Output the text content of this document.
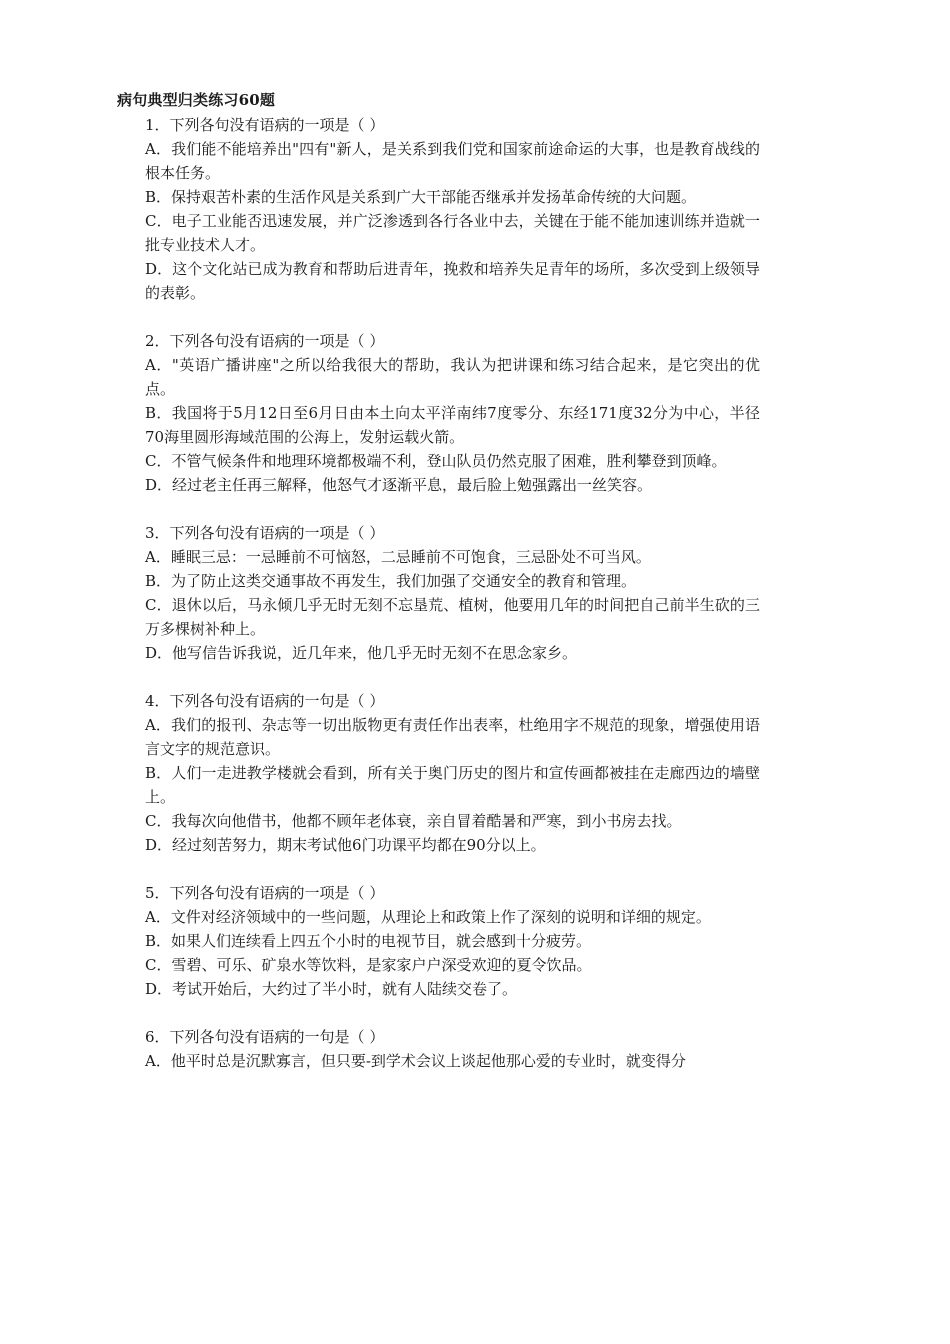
病句典型归类练习60题

1．下列各句没有语病的一项是（ ）

A．我们能不能培养出"四有"新人，是关系到我们党和国家前途命运的大事，也是教育战线的根本任务。

B．保持艰苦朴素的生活作风是关系到广大干部能否继承并发扬革命传统的大问题。

C．电子工业能否迅速发展，并广泛渗透到各行各业中去，关键在于能不能加速训练并造就一批专业技术人才。

D．这个文化站已成为教育和帮助后进青年，挽救和培养失足青年的场所，多次受到上级领导的表彰。

2．下列各句没有语病的一项是（ ）

A．"英语广播讲座"之所以给我很大的帮助，我认为把讲课和练习结合起来，是它突出的优点。

B．我国将于5月12日至6月日由本土向太平洋南纬7度零分、东经171度32分为中心，半径70海里圆形海域范围的公海上，发射运载火箭。

C．不管气候条件和地理环境都极端不利，登山队员仍然克服了困难，胜利攀登到顶峰。

D．经过老主任再三解释，他怒气才逐渐平息，最后脸上勉强露出一丝笑容。

3．下列各句没有语病的一项是（ ）

A．睡眠三忌：一忌睡前不可恼怒，二忌睡前不可饱食，三忌卧处不可当风。

B．为了防止这类交通事故不再发生，我们加强了交通安全的教育和管理。

C．退休以后，马永倾几乎无时无刻不忘垦荒、植树，他要用几年的时间把自己前半生砍的三万多棵树补种上。

D．他写信告诉我说，近几年来，他几乎无时无刻不在思念家乡。

4．下列各句没有语病的一句是（ ）

A．我们的报刊、杂志等一切出版物更有责任作出表率，杜绝用字不规范的现象，增强使用语言文字的规范意识。

B．人们一走进教学楼就会看到，所有关于奥门历史的图片和宣传画都被挂在走廊西边的墙壁上。

C．我每次向他借书，他都不顾年老体衰，亲自冒着酷暑和严寒，到小书房去找。

D．经过刻苦努力，期末考试他6门功课平均都在90分以上。

5．下列各句没有语病的一项是（ ）

A．文件对经济领域中的一些问题，从理论上和政策上作了深刻的说明和详细的规定。

B．如果人们连续看上四五个小时的电视节目，就会感到十分疲劳。

C．雪碧、可乐、矿泉水等饮料，是家家户户深受欢迎的夏令饮品。

D．考试开始后，大约过了半小时，就有人陆续交卷了。

6．下列各句没有语病的一句是（ ）

A．他平时总是沉默寡言，但只要-到学术会议上谈起他那心爱的专业时，就变得分
